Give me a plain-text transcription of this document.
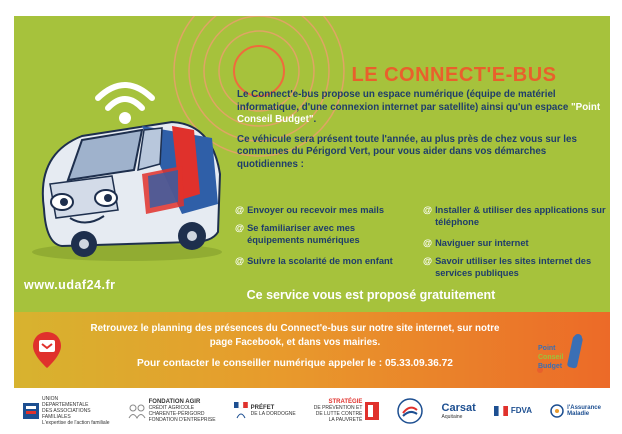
LE CONNECT'E-BUS

Le Connect'e-bus propose un espace numérique (équipe de matériel informatique, d'une connexion internet par satellite) ainsi qu'un espace "Point Conseil Budget".

Ce véhicule sera présent toute l'année, au plus près de chez vous sur les communes du Périgord Vert, pour vous aider dans vos démarches quotidiennes :

@ Envoyer ou recevoir mes mails
@ Se familiariser avec mes équipements numériques
@ Suivre la scolarité de mon enfant
@ Installer & utiliser des applications sur téléphone
@ Naviguer sur internet
@ Savoir utiliser les sites internet des services publiques
www.udaf24.fr
Ce service vous est proposé gratuitement
Retrouvez le planning des présences du Connect'e-bus sur notre site internet, sur notre page Facebook, et dans vos mairies.
Pour contacter le conseiller numérique appeler le : 05.33.09.36.72
Point
Conseil
Budget
UNION
DEPARTEMENTALE
DES ASSOCIATIONS
FAMILIALES
L'expertise de l'action familiale
FONDATION AGIR
CRÉDIT AGRICOLE
CHARENTE-PÉRIGORD
FONDATION D'ENTREPRISE
PRÉFET
DE LA DORDOGNE
STRATÉGIE
DE PRÉVENTION ET
DE LUTTE CONTRE
LA PAUVRETÉ
Carsat
Aquitaine
FDVA	l'Assurance
Maladie
